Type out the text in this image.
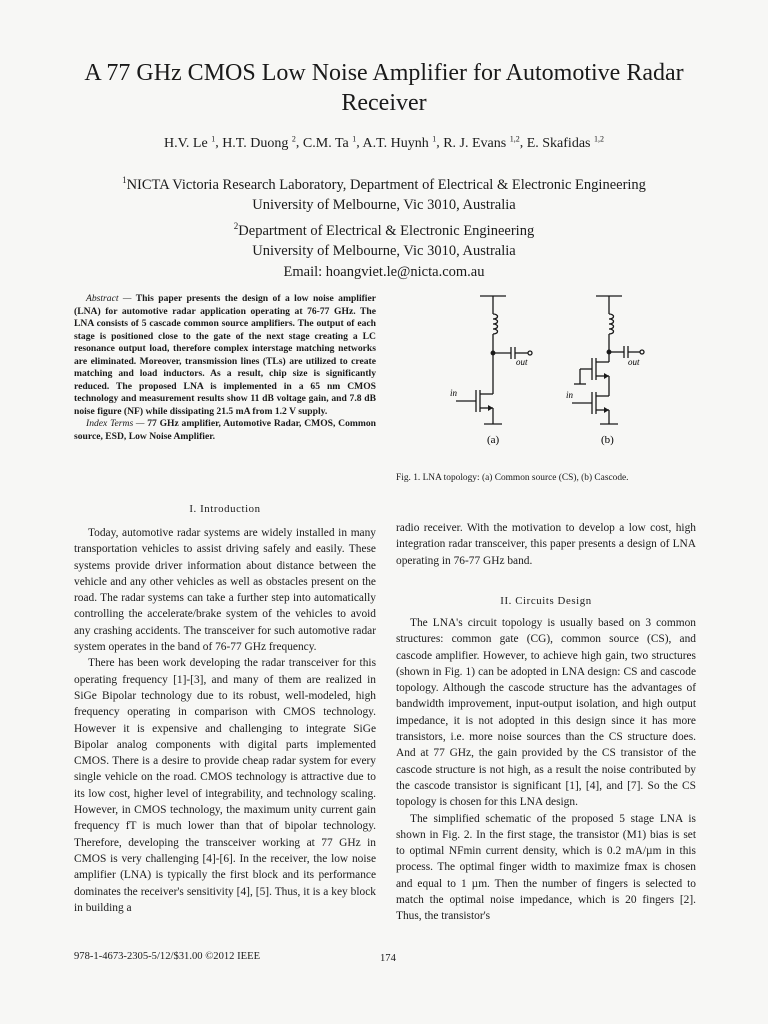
A 77 GHz CMOS Low Noise Amplifier for Automotive Radar Receiver
H.V. Le $^1$, H.T. Duong $^2$, C.M. Ta $^1$, A.T. Huynh $^1$, R. J. Evans $^{1,2}$, E. Skafidas $^{1,2}$
$^1$NICTA Victoria Research Laboratory, Department of Electrical & Electronic Engineering
University of Melbourne, Vic 3010, Australia
$^2$Department of Electrical & Electronic Engineering
University of Melbourne, Vic 3010, Australia
Email: hoangviet.le@nicta.com.au

Abstract — This paper presents the design of a low noise amplifier (LNA) for automotive radar application operating at 76-77 GHz. The LNA consists of 5 cascade common source amplifiers. The output of each stage is positioned close to the gate of the next stage creating a LC resonance output load, therefore complex interstage matching networks are eliminated. Moreover, transmission lines (TLs) are utilized to create matching and load inductors. As a result, chip size is significantly reduced. The proposed LNA is implemented in a 65 nm CMOS technology and measurement results show 11 dB voltage gain, and 7.8 dB noise figure (NF) while dissipating 21.5 mA from 1.2 V supply.

Index Terms — 77 GHz amplifier, Automotive Radar, CMOS, Common source, ESD, Low Noise Amplifier.

in
out
in
out
(a)	(b)
Fig. 1. LNA topology: (a) Common source (CS), (b) Cascode.
I. Introduction

Today, automotive radar systems are widely installed in many transportation vehicles to assist driving safely and easily. These systems provide driver information about distance between the vehicle and any other vehicles as well as obstacles present on the road. The radar systems can take a further step into automatically controlling the accelerate/brake system of the vehicles to avoid any crashing accidents. The transceiver for such automotive radar system operates in the band of 76-77 GHz frequency.

There has been work developing the radar transceiver for this operating frequency [1]-[3], and many of them are realized in SiGe Bipolar technology due to its robust, well-modeled, high frequency operating in comparison with CMOS technology. However it is expensive and challenging to integrate SiGe Bipolar analog components with digital parts implemented CMOS. There is a desire to provide cheap radar system for every single vehicle on the road. CMOS technology is attractive due to its low cost, higher level of integrability, and technology scaling. However, in CMOS technology, the maximum unity current gain frequency fT is much lower than that of bipolar technology. Therefore, developing the transceiver working at 77 GHz in CMOS is very challenging [4]-[6]. In the receiver, the low noise amplifier (LNA) is typically the first block and its performance dominates the receiver's sensitivity [4], [5]. Thus, it is a key block in building a

radio receiver. With the motivation to develop a low cost, high integration radar transceiver, this paper presents a design of LNA operating in 76-77 GHz band.

II. Circuits Design

The LNA's circuit topology is usually based on 3 common structures: common gate (CG), common source (CS), and cascode amplifier. However, to achieve high gain, two structures (shown in Fig. 1) can be adopted in LNA design: CS and cascode topology. Although the cascode structure has the advantages of bandwidth improvement, input-output isolation, and high output impedance, it is not adopted in this design since it has more transistors, i.e. more noise sources than the CS structure does. And at 77 GHz, the gain provided by the CS transistor of the cascode structure is not high, as a result the noise contributed by the cascode transistor is significant [1], [4], and [7]. So the CS topology is chosen for this LNA design.

The simplified schematic of the proposed 5 stage LNA is shown in Fig. 2. In the first stage, the transistor (M1) bias is set to optimal NFmin current density, which is 0.2 mA/µm in this process. The optimal finger width to maximize fmax is chosen and equal to 1 µm. Then the number of fingers is selected to match the optimal noise impedance, which is 20 fingers [2]. Thus, the transistor's

978-1-4673-2305-5/12/$31.00 ©2012 IEEE	174
